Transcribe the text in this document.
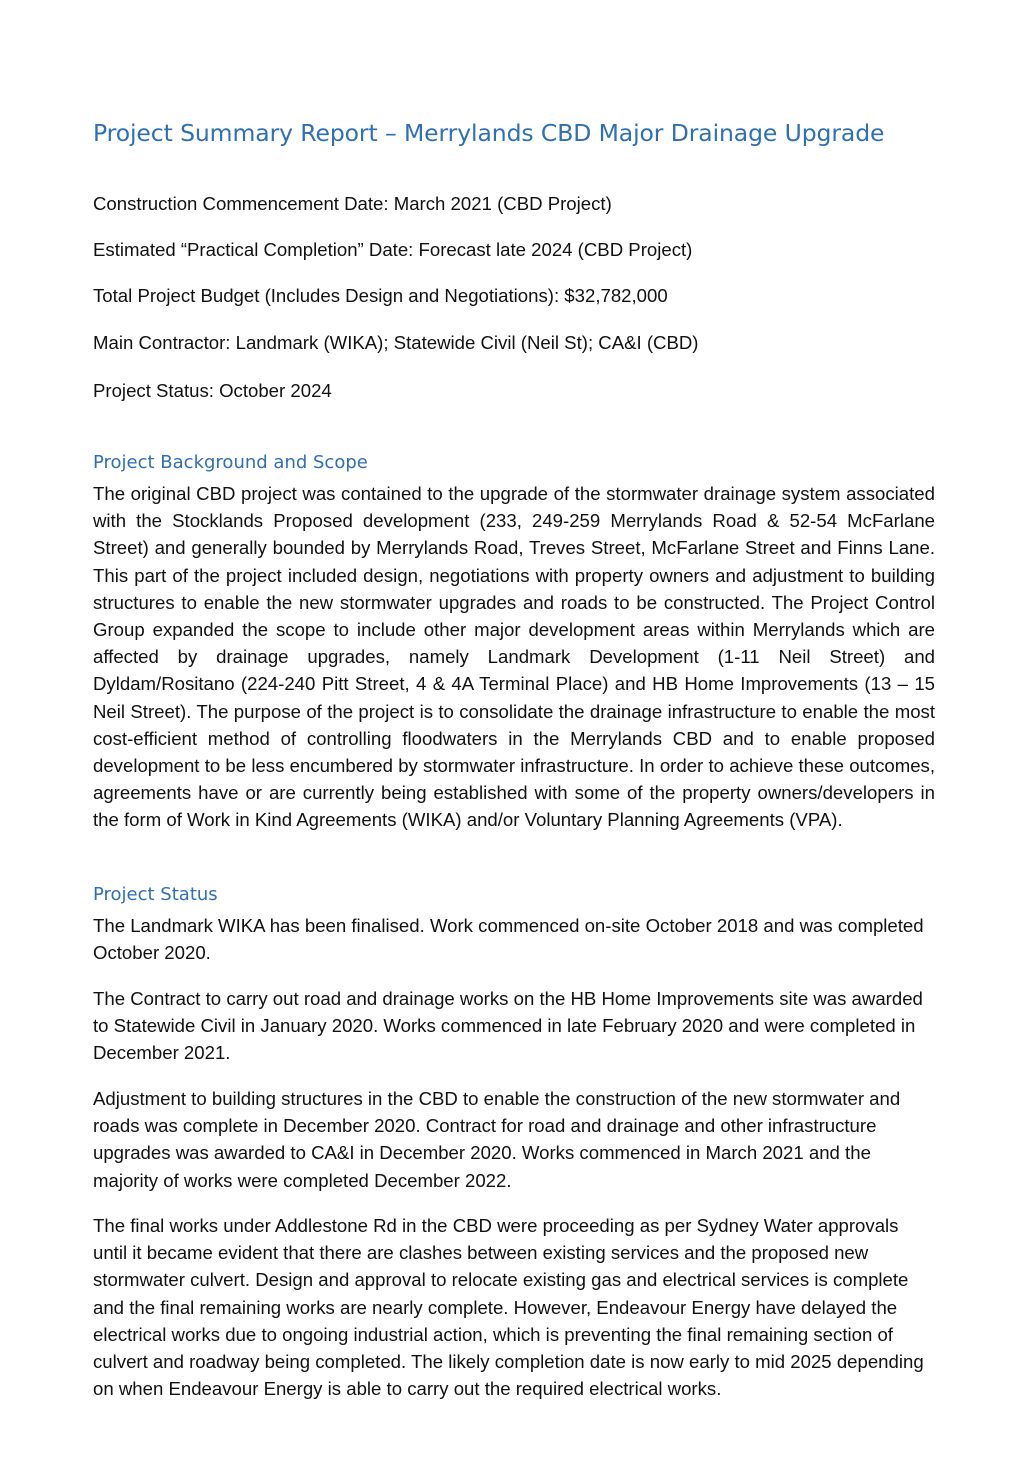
Project Summary Report – Merrylands CBD Major Drainage Upgrade

Construction Commencement Date: March 2021 (CBD Project)

Estimated “Practical Completion” Date: Forecast late 2024 (CBD Project)

Total Project Budget (Includes Design and Negotiations): $32,782,000

Main Contractor: Landmark (WIKA); Statewide Civil (Neil St); CA&I (CBD)

Project Status: October 2024

Project Background and Scope

The original CBD project was contained to the upgrade of the stormwater drainage system associated with the Stocklands Proposed development (233, 249-259 Merrylands Road & 52-54 McFarlane Street) and generally bounded by Merrylands Road, Treves Street, McFarlane Street and Finns Lane. This part of the project included design, negotiations with property owners and adjustment to building structures to enable the new stormwater upgrades and roads to be constructed. The Project Control Group expanded the scope to include other major development areas within Merrylands which are affected by drainage upgrades, namely Landmark Development (1-11 Neil Street) and Dyldam/Rositano (224-240 Pitt Street, 4 & 4A Terminal Place) and HB Home Improvements (13 – 15 Neil Street). The purpose of the project is to consolidate the drainage infrastructure to enable the most cost-efficient method of controlling floodwaters in the Merrylands CBD and to enable proposed development to be less encumbered by stormwater infrastructure. In order to achieve these outcomes, agreements have or are currently being established with some of the property owners/developers in the form of Work in Kind Agreements (WIKA) and/or Voluntary Planning Agreements (VPA).

Project Status

The Landmark WIKA has been finalised. Work commenced on-site October 2018 and was completed October 2020.

The Contract to carry out road and drainage works on the HB Home Improvements site was awarded to Statewide Civil in January 2020. Works commenced in late February 2020 and were completed in December 2021.

Adjustment to building structures in the CBD to enable the construction of the new stormwater and roads was complete in December 2020. Contract for road and drainage and other infrastructure upgrades was awarded to CA&I in December 2020. Works commenced in March 2021 and the majority of works were completed December 2022.

The final works under Addlestone Rd in the CBD were proceeding as per Sydney Water approvals until it became evident that there are clashes between existing services and the proposed new stormwater culvert. Design and approval to relocate existing gas and electrical services is complete and the final remaining works are nearly complete. However, Endeavour Energy have delayed the electrical works due to ongoing industrial action, which is preventing the final remaining section of culvert and roadway being completed. The likely completion date is now early to mid 2025 depending on when Endeavour Energy is able to carry out the required electrical works.
